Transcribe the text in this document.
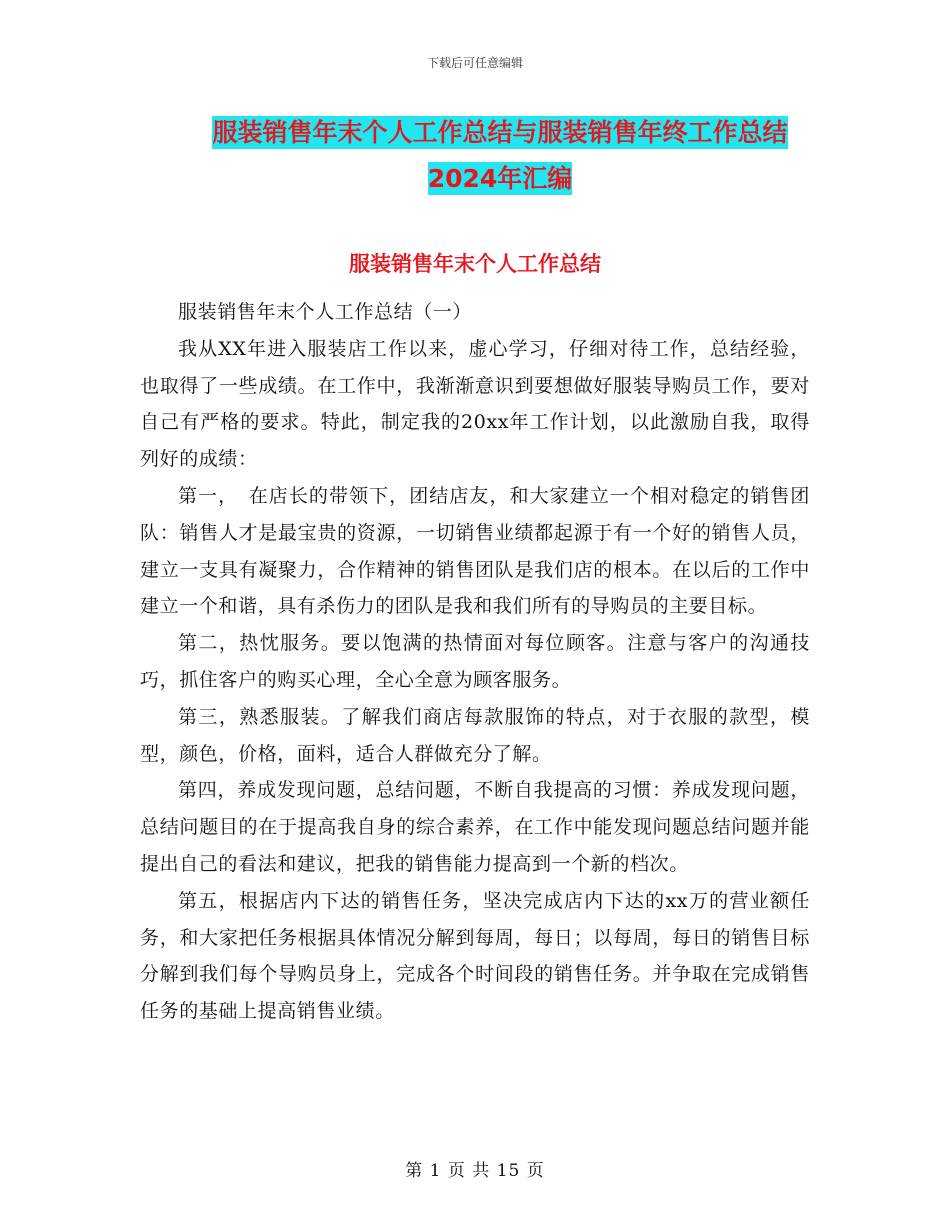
下载后可任意编辑
服装销售年末个人工作总结与服装销售年终工作总结
2024年汇编
服装销售年末个人工作总结

服装销售年末个人工作总结（一）

我从XX年进入服装店工作以来，虚心学习，仔细对待工作，总结经验，也取得了一些成绩。在工作中，我渐渐意识到要想做好服装导购员工作，要对自己有严格的要求。特此，制定我的20xx年工作计划，以此激励自我，取得列好的成绩：

第一，　在店长的带领下，团结店友，和大家建立一个相对稳定的销售团队：销售人才是最宝贵的资源，一切销售业绩都起源于有一个好的销售人员，建立一支具有凝聚力，合作精神的销售团队是我们店的根本。在以后的工作中建立一个和谐，具有杀伤力的团队是我和我们所有的导购员的主要目标。

第二，热忱服务。要以饱满的热情面对每位顾客。注意与客户的沟通技巧，抓住客户的购买心理，全心全意为顾客服务。

第三，熟悉服装。了解我们商店每款服饰的特点，对于衣服的款型，模型，颜色，价格，面料，适合人群做充分了解。

第四，养成发现问题，总结问题，不断自我提高的习惯：养成发现问题，总结问题目的在于提高我自身的综合素养，在工作中能发现问题总结问题并能提出自己的看法和建议，把我的销售能力提高到一个新的档次。

第五，根据店内下达的销售任务，坚决完成店内下达的xx万的营业额任务，和大家把任务根据具体情况分解到每周，每日；以每周，每日的销售目标分解到我们每个导购员身上，完成各个时间段的销售任务。并争取在完成销售任务的基础上提高销售业绩。

第 1 页 共 15 页
